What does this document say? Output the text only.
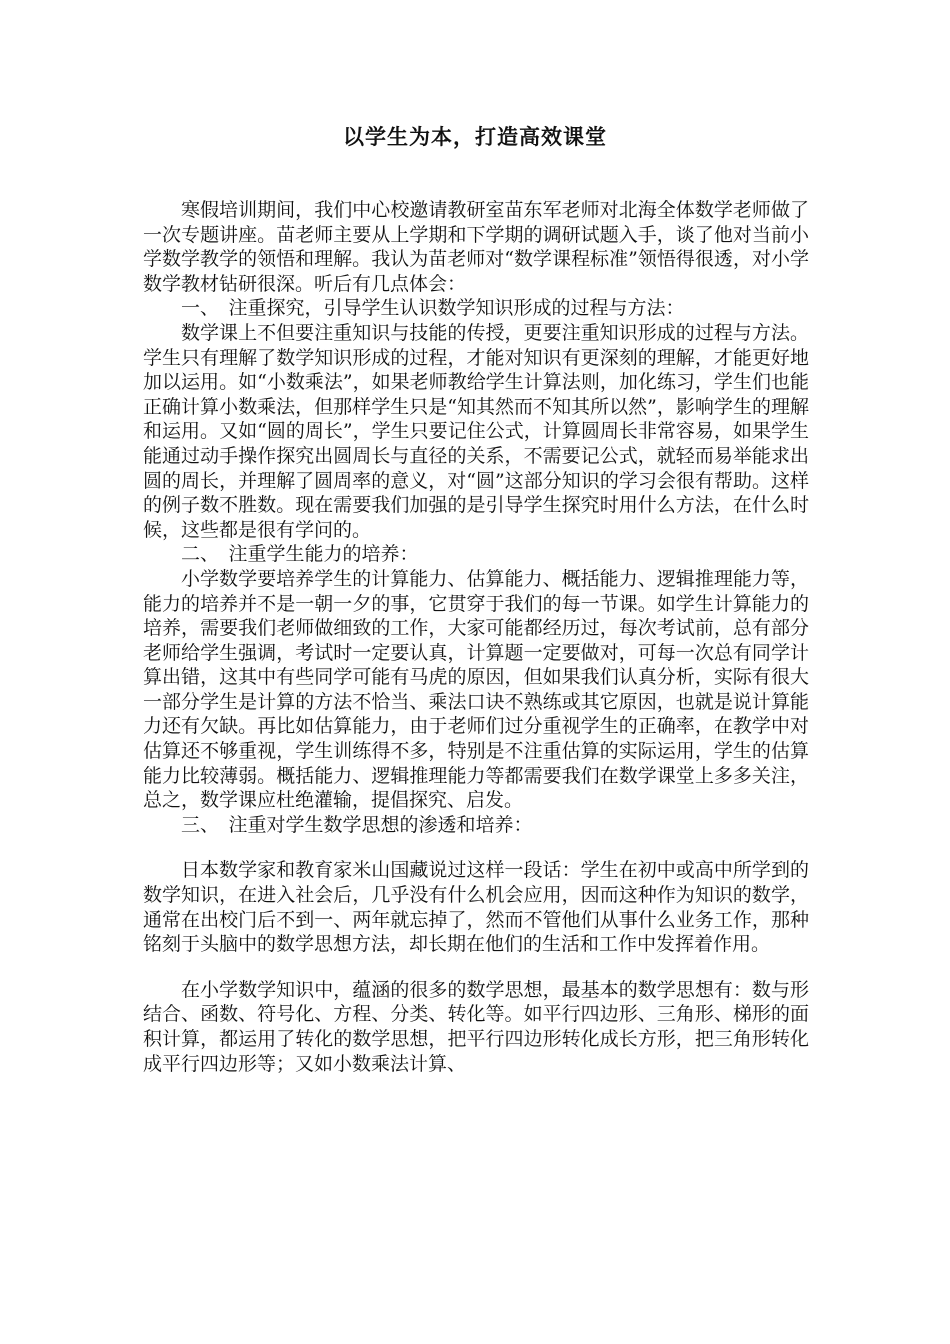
以学生为本，打造高效课堂

寒假培训期间，我们中心校邀请教研室苗东军老师对北海全体数学老师做了一次专题讲座。苗老师主要从上学期和下学期的调研试题入手，谈了他对当前小学数学教学的领悟和理解。我认为苗老师对“数学课程标准”领悟得很透，对小学数学教材钻研很深。听后有几点体会：

一、　注重探究，引导学生认识数学知识形成的过程与方法：

数学课上不但要注重知识与技能的传授，更要注重知识形成的过程与方法。学生只有理解了数学知识形成的过程，才能对知识有更深刻的理解，才能更好地加以运用。如“小数乘法”，如果老师教给学生计算法则，加化练习，学生们也能正确计算小数乘法，但那样学生只是“知其然而不知其所以然”，影响学生的理解和运用。又如“圆的周长”，学生只要记住公式，计算圆周长非常容易，如果学生能通过动手操作探究出圆周长与直径的关系，不需要记公式，就轻而易举能求出圆的周长，并理解了圆周率的意义，对“圆”这部分知识的学习会很有帮助。这样的例子数不胜数。现在需要我们加强的是引导学生探究时用什么方法，在什么时候，这些都是很有学问的。

二、　注重学生能力的培养：

小学数学要培养学生的计算能力、估算能力、概括能力、逻辑推理能力等，能力的培养并不是一朝一夕的事，它贯穿于我们的每一节课。如学生计算能力的培养，需要我们老师做细致的工作，大家可能都经历过，每次考试前，总有部分老师给学生强调，考试时一定要认真，计算题一定要做对，可每一次总有同学计算出错，这其中有些同学可能有马虎的原因，但如果我们认真分析，实际有很大一部分学生是计算的方法不恰当、乘法口诀不熟练或其它原因，也就是说计算能力还有欠缺。再比如估算能力，由于老师们过分重视学生的正确率，在教学中对估算还不够重视，学生训练得不多，特别是不注重估算的实际运用，学生的估算能力比较薄弱。概括能力、逻辑推理能力等都需要我们在数学课堂上多多关注，总之，数学课应杜绝灌输，提倡探究、启发。

三、　注重对学生数学思想的渗透和培养：

日本数学家和教育家米山国藏说过这样一段话：学生在初中或高中所学到的数学知识，在进入社会后，几乎没有什么机会应用，因而这种作为知识的数学，通常在出校门后不到一、两年就忘掉了，然而不管他们从事什么业务工作，那种铭刻于头脑中的数学思想方法，却长期在他们的生活和工作中发挥着作用。

在小学数学知识中，蕴涵的很多的数学思想，最基本的数学思想有：数与形结合、函数、符号化、方程、分类、转化等。如平行四边形、三角形、梯形的面积计算，都运用了转化的数学思想，把平行四边形转化成长方形，把三角形转化成平行四边形等；又如小数乘法计算、
